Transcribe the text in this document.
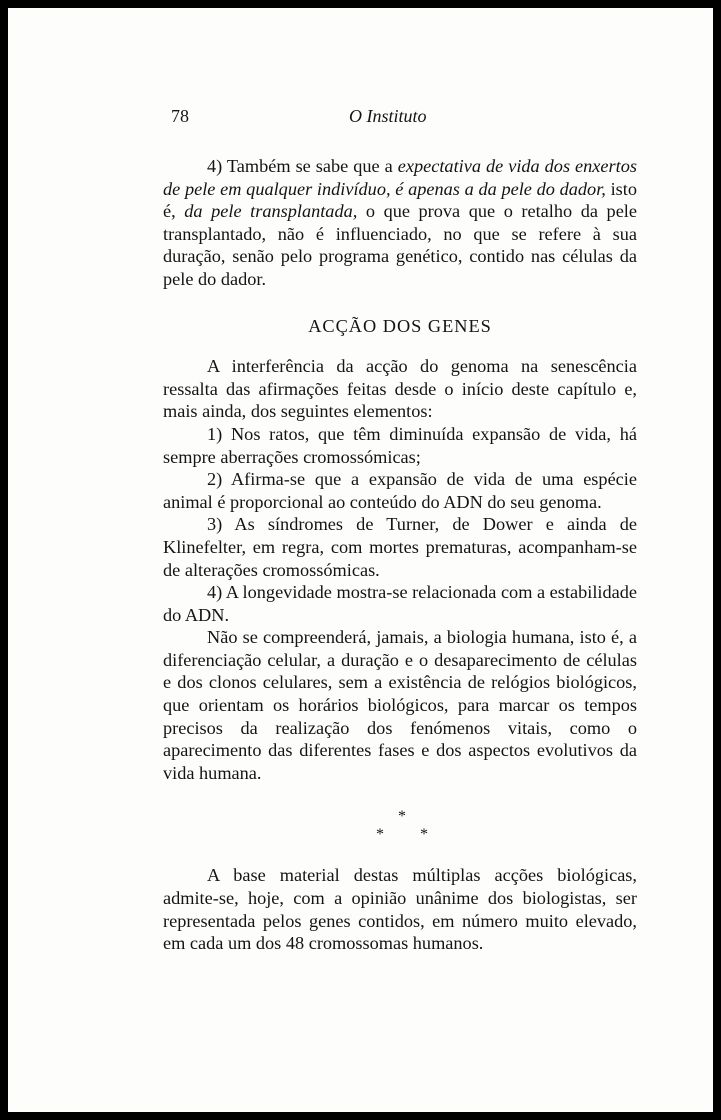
78	O Instituto

4) Também se sabe que a expectativa de vida dos enxertos de pele em qualquer indivíduo, é apenas a da pele do dador, isto é, da pele transplantada, o que prova que o retalho da pele transplantado, não é influenciado, no que se refere à sua duração, senão pelo programa genético, contido nas células da pele do dador.

ACÇÃO DOS GENES

A interferência da acção do genoma na senescência ressalta das afirmações feitas desde o início deste capítulo e, mais ainda, dos seguintes elementos:

1) Nos ratos, que têm diminuída expansão de vida, há sempre aberrações cromossómicas;

2) Afirma-se que a expansão de vida de uma espécie animal é proporcional ao conteúdo do ADN do seu genoma.

3) As síndromes de Turner, de Dower e ainda de Klinefelter, em regra, com mortes prematuras, acompanham-se de alterações cromossómicas.

4) A longevidade mostra-se relacionada com a estabilidade do ADN.

Não se compreenderá, jamais, a biologia humana, isto é, a diferenciação celular, a duração e o desaparecimento de células e dos clonos celulares, sem a existência de relógios biológicos, que orientam os horários biológicos, para marcar os tempos precisos da realização dos fenómenos vitais, como o aparecimento das diferentes fases e dos aspectos evolutivos da vida humana.

*
* *

A base material destas múltiplas acções biológicas, admite-se, hoje, com a opinião unânime dos biologistas, ser representada pelos genes contidos, em número muito elevado, em cada um dos 48 cromossomas humanos.
